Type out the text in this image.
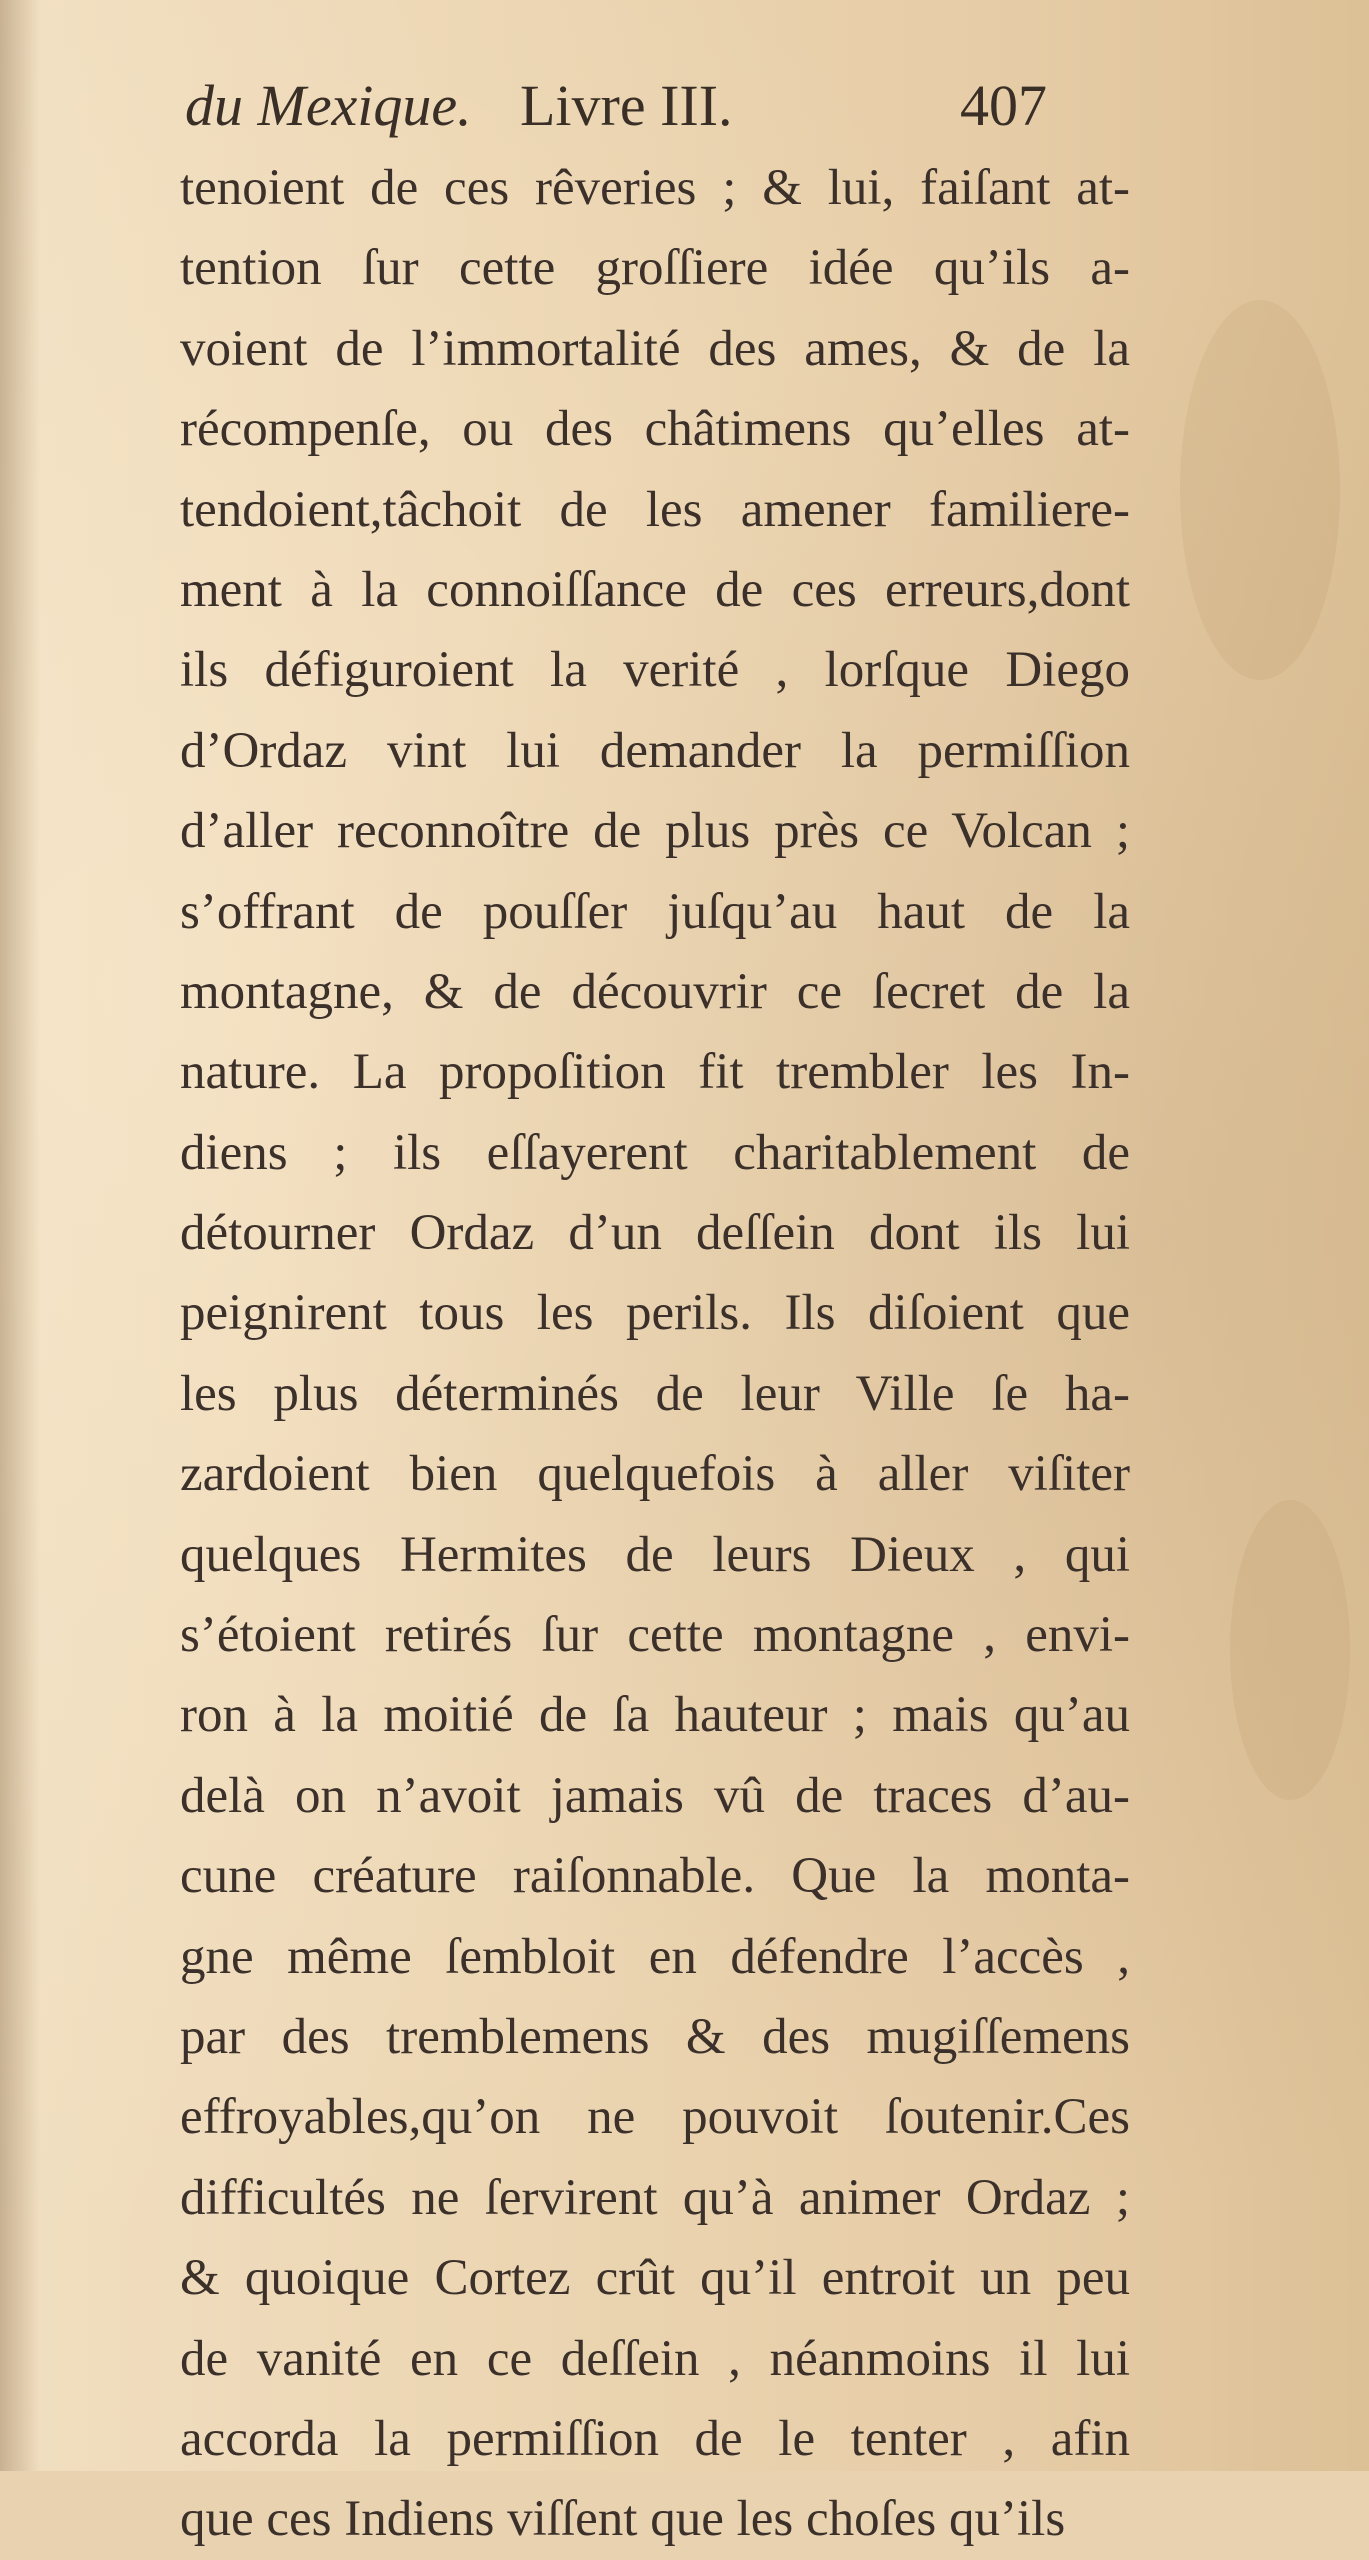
du Mexique. Livre III.	407
tenoient de ces rêveries ; & lui, faiſant at-
tention ſur cette groſſiere idée qu’ils a-
voient de l’immortalité des ames, & de la
récompenſe, ou des châtimens qu’elles at-
tendoient,tâchoit de les amener familiere-
ment à la connoiſſance de ces erreurs,dont
ils défiguroient la verité , lorſque Diego
d’Ordaz vint lui demander la permiſſion
d’aller reconnoître de plus près ce Volcan ;
s’offrant de pouſſer juſqu’au haut de la
montagne, & de découvrir ce ſecret de la
nature. La propoſition fit trembler les In-
diens ; ils eſſayerent charitablement de
détourner Ordaz d’un deſſein dont ils lui
peignirent tous les perils. Ils diſoient que
les plus déterminés de leur Ville ſe ha-
zardoient bien quelquefois à aller viſiter
quelques Hermites de leurs Dieux , qui
s’étoient retirés ſur cette montagne , envi-
ron à la moitié de ſa hauteur ; mais qu’au
delà on n’avoit jamais vû de traces d’au-
cune créature raiſonnable. Que la monta-
gne même ſembloit en défendre l’accès ,
par des tremblemens & des mugiſſemens
effroyables,qu’on ne pouvoit ſoutenir.Ces
difficultés ne ſervirent qu’à animer Ordaz ;
& quoique Cortez crût qu’il entroit un peu
de vanité en ce deſſein , néanmoins il lui
accorda la permiſſion de le tenter , afin
que ces Indiens viſſent que les choſes qu’ils
